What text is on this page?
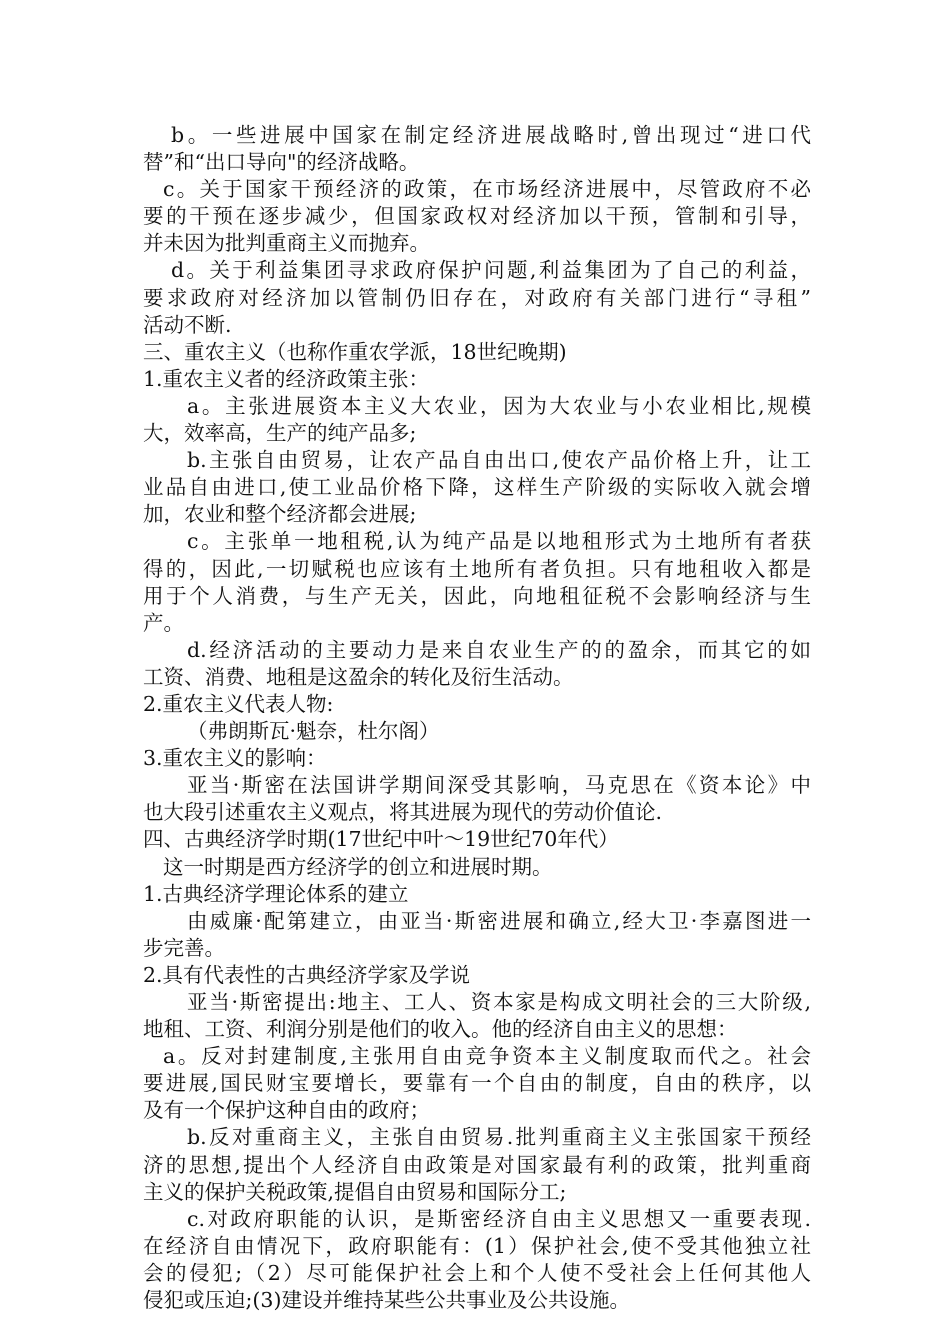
b。一些进展中国家在制定经济进展战略时,曾出现过“进口代
替”和“出口导向"的经济战略。
c。关于国家干预经济的政策，在市场经济进展中，尽管政府不必
要的干预在逐步减少，但国家政权对经济加以干预，管制和引导，
并未因为批判重商主义而抛弃。
d。关于利益集团寻求政府保护问题,利益集团为了自己的利益，
要求政府对经济加以管制仍旧存在，对政府有关部门进行“寻租”
活动不断.
三、重农主义（也称作重农学派，18世纪晚期)
1.重农主义者的经济政策主张：
a。主张进展资本主义大农业，因为大农业与小农业相比,规模
大，效率高，生产的纯产品多;
b.主张自由贸易，让农产品自由出口,使农产品价格上升，让工
业品自由进口,使工业品价格下降，这样生产阶级的实际收入就会增
加，农业和整个经济都会进展;
c。主张单一地租税,认为纯产品是以地租形式为土地所有者获
得的，因此,一切赋税也应该有土地所有者负担。只有地租收入都是
用于个人消费，与生产无关，因此，向地租征税不会影响经济与生
产。
d.经济活动的主要动力是来自农业生产的的盈余，而其它的如
工资、消费、地租是这盈余的转化及衍生活动。
2.重农主义代表人物:
（弗朗斯瓦·魁奈，杜尔阁）
3.重农主义的影响：
亚当·斯密在法国讲学期间深受其影响，马克思在《资本论》中
也大段引述重农主义观点，将其进展为现代的劳动价值论.
四、古典经济学时期(17世纪中叶～19世纪70年代）
这一时期是西方经济学的创立和进展时期。
1.古典经济学理论体系的建立
由威廉·配第建立，由亚当·斯密进展和确立,经大卫·李嘉图进一
步完善。
2.具有代表性的古典经济学家及学说
亚当·斯密提出:地主、工人、资本家是构成文明社会的三大阶级,
地租、工资、利润分别是他们的收入。他的经济自由主义的思想：
a。反对封建制度,主张用自由竞争资本主义制度取而代之。社会
要进展,国民财宝要增长，要靠有一个自由的制度，自由的秩序，以
及有一个保护这种自由的政府；
b.反对重商主义，主张自由贸易.批判重商主义主张国家干预经
济的思想,提出个人经济自由政策是对国家最有利的政策，批判重商
主义的保护关税政策,提倡自由贸易和国际分工;
c.对政府职能的认识，是斯密经济自由主义思想又一重要表现.
在经济自由情况下，政府职能有：(1）保护社会,使不受其他独立社
会的侵犯;（2）尽可能保护社会上和个人使不受社会上任何其他人
侵犯或压迫;(3)建设并维持某些公共事业及公共设施。
